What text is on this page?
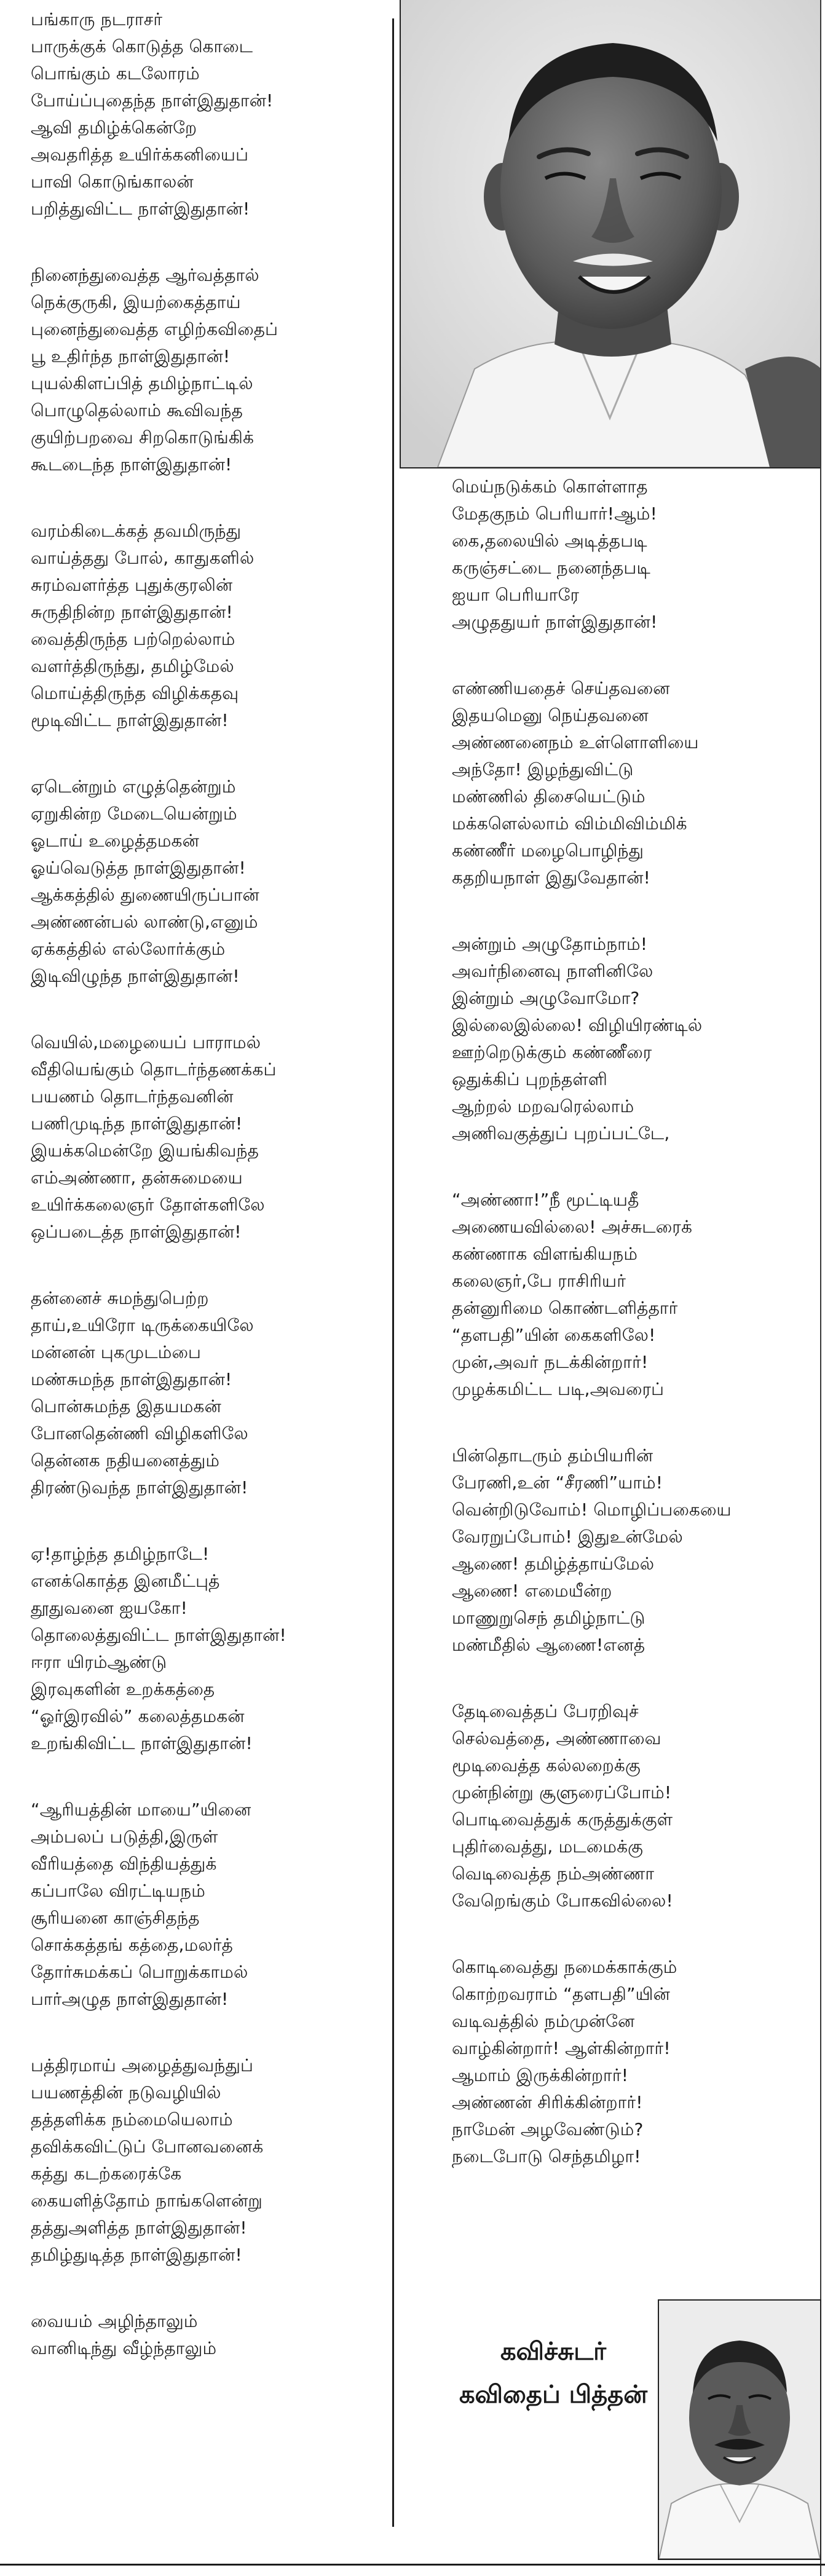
பங்காரு நடராசர்
பாருக்குக் கொடுத்த கொடை
பொங்கும் கடலோரம்
போய்ப்புதைந்த நாள்இதுதான்!
ஆவி தமிழ்க்கென்றே
அவதரித்த உயிர்க்கனியைப்
பாவி கொடுங்காலன்
பறித்துவிட்ட நாள்இதுதான்!
நினைந்துவைத்த ஆர்வத்தால்
நெக்குருகி, இயற்கைத்தாய்
புனைந்துவைத்த எழிற்கவிதைப்
பூ உதிர்ந்த நாள்இதுதான்!
புயல்கிளப்பித் தமிழ்நாட்டில்
பொழுதெல்லாம் கூவிவந்த
குயிற்பறவை சிறகொடுங்கிக்
கூடடைந்த நாள்இதுதான்!
வரம்கிடைக்கத் தவமிருந்து
வாய்த்தது போல், காதுகளில்
சுரம்வளர்த்த புதுக்குரலின்
சுருதிநின்ற நாள்இதுதான்!
வைத்திருந்த பற்றெல்லாம்
வளர்த்திருந்து, தமிழ்மேல்
மொய்த்திருந்த விழிக்கதவு
மூடிவிட்ட நாள்இதுதான்!
ஏடென்றும் எழுத்தென்றும்
ஏறுகின்ற மேடையென்றும்
ஓடாய் உழைத்தமகன்
ஓய்வெடுத்த நாள்இதுதான்!
ஆக்கத்தில் துணையிருப்பான்
அண்ணன்பல் லாண்டு,எனும்
ஏக்கத்தில் எல்லோர்க்கும்
இடிவிழுந்த நாள்இதுதான்!
வெயில்,மழையைப் பாராமல்
வீதியெங்கும் தொடர்ந்தணக்கப்
பயணம் தொடர்ந்தவனின்
பணிமுடிந்த நாள்இதுதான்!
இயக்கமென்றே இயங்கிவந்த
எம்அண்ணா, தன்சுமையை
உயிர்க்கலைஞர் தோள்களிலே
ஒப்படைத்த நாள்இதுதான்!
தன்னைச் சுமந்துபெற்ற
தாய்,உயிரோ டிருக்கையிலே
மன்னன் புகமுடம்பை
மண்சுமந்த நாள்இதுதான்!
பொன்சுமந்த இதயமகன்
போனதென்ணி விழிகளிலே
தென்னக நதியனைத்தும்
திரண்டுவந்த நாள்இதுதான்!
ஏ!தாழ்ந்த தமிழ்நாடே!
எனக்கொத்த இனமீட்புத்
தூதுவனை ஐயகோ!
தொலைத்துவிட்ட நாள்இதுதான்!
ஈரா யிரம்ஆண்டு
இரவுகளின் உறக்கத்தை
“ஓர்இரவில்” கலைத்தமகன்
உறங்கிவிட்ட நாள்இதுதான்!
“ஆரியத்தின் மாயை”யினை
அம்பலப் படுத்தி,இருள்
வீரியத்தை விந்தியத்துக்
கப்பாலே விரட்டியநம்
சூரியனை காஞ்சிதந்த
சொக்கத்தங் கத்தை,மலர்த்
தோர்சுமக்கப் பொறுக்காமல்
பார்அழுத நாள்இதுதான்!
பத்திரமாய் அழைத்துவந்துப்
பயணத்தின் நடுவழியில்
தத்தளிக்க நம்மையெலாம்
தவிக்கவிட்டுப் போனவனைக்
கத்து கடற்கரைக்கே
கையளித்தோம் நாங்களென்று
தத்துஅளித்த நாள்இதுதான்!
தமிழ்துடித்த நாள்இதுதான்!
வையம் அழிந்தாலும்
வானிடிந்து வீழ்ந்தாலும்
மெய்நடுக்கம் கொள்ளாத
மேதகுநம் பெரியார்!ஆம்!
கை,தலையில் அடித்தபடி
கருஞ்சட்டை நனைந்தபடி
ஐயா பெரியாரே
அழுததுயர் நாள்இதுதான்!
எண்ணியதைச் செய்தவனை
இதயமெனு நெய்தவனை
அண்ணனைநம் உள்ளொளியை
அந்தோ! இழந்துவிட்டு
மண்ணில் திசையெட்டும்
மக்களெல்லாம் விம்மிவிம்மிக்
கண்ணீர் மழைபொழிந்து
கதறியநாள் இதுவேதான்!
அன்றும் அழுதோம்நாம்!
அவர்நினைவு நாளினிலே
இன்றும் அழுவோமோ?
இல்லைஇல்லை! விழியிரண்டில்
ஊற்றெடுக்கும் கண்ணீரை
ஒதுக்கிப் புறந்தள்ளி
ஆற்றல் மறவரெல்லாம்
அணிவகுத்துப் புறப்பட்டே,
“அண்ணா!”நீ மூட்டியதீ
அணையவில்லை! அச்சுடரைக்
கண்ணாக விளங்கியநம்
கலைஞர்,பே ராசிரியர்
தன்னுரிமை கொண்டளித்தார்
“தளபதி”யின் கைகளிலே!
முன்,அவர் நடக்கின்றார்!
முழக்கமிட்ட படி,அவரைப்
பின்தொடரும் தம்பியரின்
பேரணி,உன் “சீரணி”யாம்!
வென்றிடுவோம்! மொழிப்பகையை
வேரறுப்போம்! இதுஉன்மேல்
ஆணை! தமிழ்த்தாய்மேல்
ஆணை! எமையீன்ற
மாணுறுசெந் தமிழ்நாட்டு
மண்மீதில் ஆணை!எனத்
தேடிவைத்தப் பேரறிவுச்
செல்வத்தை, அண்ணாவை
மூடிவைத்த கல்லறைக்கு
முன்நின்று சூளுரைப்போம்!
பொடிவைத்துக் கருத்துக்குள்
புதிர்வைத்து, மடமைக்கு
வெடிவைத்த நம்அண்ணா
வேறெங்கும் போகவில்லை!
கொடிவைத்து நமைக்காக்கும்
கொற்றவராம் “தளபதி”யின்
வடிவத்தில் நம்முன்னே
வாழ்கின்றார்! ஆள்கின்றார்!
ஆமாம் இருக்கின்றார்!
அண்ணன் சிரிக்கின்றார்!
நாமேன் அழவேண்டும்?
நடைபோடு செந்தமிழா!
கவிச்சுடர்
கவிதைப் பித்தன்
